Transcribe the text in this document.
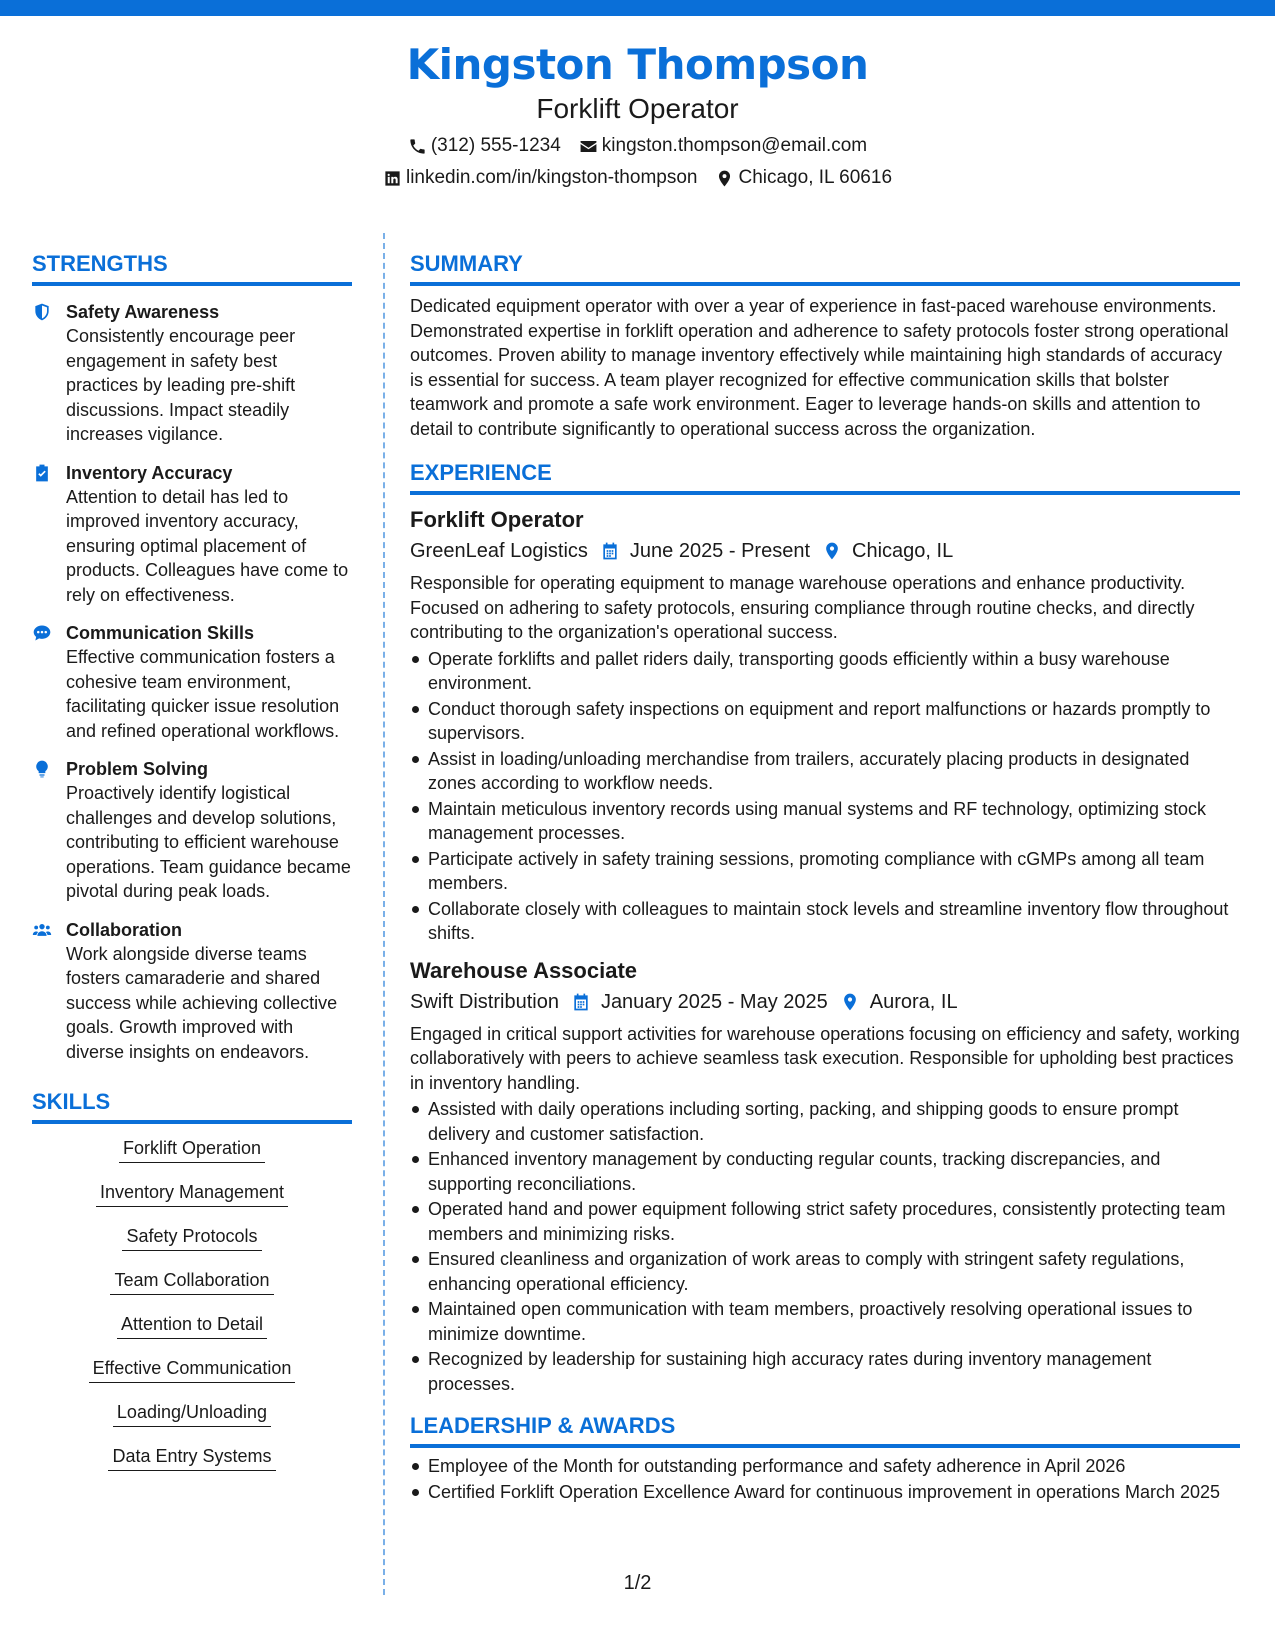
Kingston Thompson
Forklift Operator
(312) 555-1234 kingston.thompson@email.com
linkedin.com/in/kingston-thompson Chicago, IL 60616
STRENGTHS
Safety Awareness
Consistently encourage peer engagement in safety best practices by leading pre-shift discussions. Impact steadily increases vigilance.
Inventory Accuracy
Attention to detail has led to improved inventory accuracy, ensuring optimal placement of products. Colleagues have come to rely on effectiveness.
Communication Skills
Effective communication fosters a cohesive team environment, facilitating quicker issue resolution and refined operational workflows.
Problem Solving
Proactively identify logistical challenges and develop solutions, contributing to efficient warehouse operations. Team guidance became pivotal during peak loads.
Collaboration
Work alongside diverse teams fosters camaraderie and shared success while achieving collective goals. Growth improved with diverse insights on endeavors.
SKILLS
Forklift Operation
Inventory Management
Safety Protocols
Team Collaboration
Attention to Detail
Effective Communication
Loading/Unloading
Data Entry Systems
SUMMARY
Dedicated equipment operator with over a year of experience in fast-paced warehouse environments. Demonstrated expertise in forklift operation and adherence to safety protocols foster strong operational outcomes. Proven ability to manage inventory effectively while maintaining high standards of accuracy is essential for success. A team player recognized for effective communication skills that bolster teamwork and promote a safe work environment. Eager to leverage hands-on skills and attention to detail to contribute significantly to operational success across the organization.
EXPERIENCE
Forklift Operator
GreenLeaf Logistics June 2025 - Present Chicago, IL
Responsible for operating equipment to manage warehouse operations and enhance productivity. Focused on adhering to safety protocols, ensuring compliance through routine checks, and directly contributing to the organization's operational success.
Operate forklifts and pallet riders daily, transporting goods efficiently within a busy warehouse environment.
Conduct thorough safety inspections on equipment and report malfunctions or hazards promptly to supervisors.
Assist in loading/unloading merchandise from trailers, accurately placing products in designated zones according to workflow needs.
Maintain meticulous inventory records using manual systems and RF technology, optimizing stock management processes.
Participate actively in safety training sessions, promoting compliance with cGMPs among all team members.
Collaborate closely with colleagues to maintain stock levels and streamline inventory flow throughout shifts.
Warehouse Associate
Swift Distribution January 2025 - May 2025 Aurora, IL
Engaged in critical support activities for warehouse operations focusing on efficiency and safety, working collaboratively with peers to achieve seamless task execution. Responsible for upholding best practices in inventory handling.
Assisted with daily operations including sorting, packing, and shipping goods to ensure prompt delivery and customer satisfaction.
Enhanced inventory management by conducting regular counts, tracking discrepancies, and supporting reconciliations.
Operated hand and power equipment following strict safety procedures, consistently protecting team members and minimizing risks.
Ensured cleanliness and organization of work areas to comply with stringent safety regulations, enhancing operational efficiency.
Maintained open communication with team members, proactively resolving operational issues to minimize downtime.
Recognized by leadership for sustaining high accuracy rates during inventory management processes.
LEADERSHIP & AWARDS
Employee of the Month for outstanding performance and safety adherence in April 2026
Certified Forklift Operation Excellence Award for continuous improvement in operations March 2025
1/2
